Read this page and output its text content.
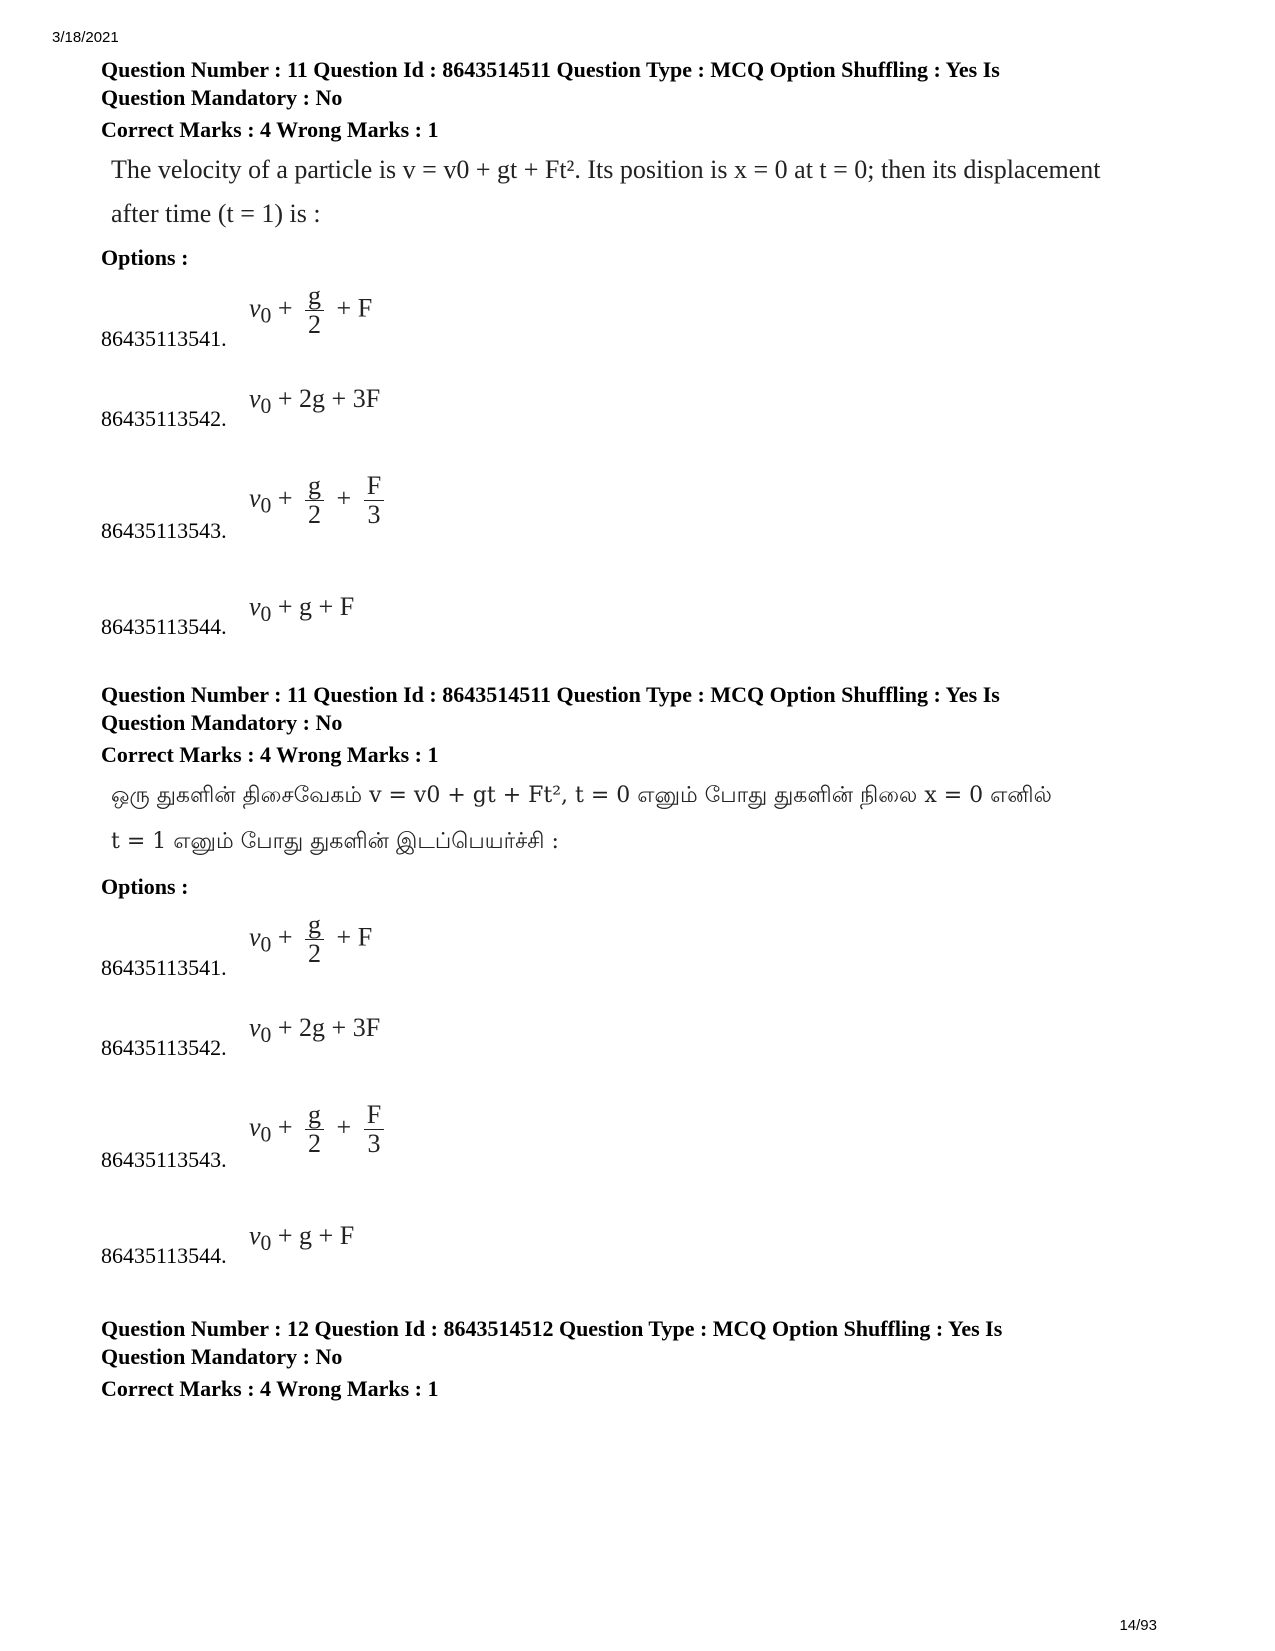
3/18/2021

Question Number : 11 Question Id : 8643514511 Question Type : MCQ Option Shuffling : Yes Is

Question Mandatory : No

Correct Marks : 4 Wrong Marks : 1
The velocity of a particle is v = v0 + gt + Ft². Its position is x = 0 at t = 0; then its displacement
after time (t = 1) is :
Options :
$v_0 + \frac{g}{2} + F$
86435113541.
$v_0 + 2g + 3F$
86435113542.
$v_0 + \frac{g}{2} + \frac{F}{3}$
86435113543.
$v_0 + g + F$
86435113544.

Question Number : 11 Question Id : 8643514511 Question Type : MCQ Option Shuffling : Yes Is

Question Mandatory : No

Correct Marks : 4 Wrong Marks : 1
ஒரு துகளின் திசைவேகம் v = v0 + gt + Ft², t = 0 எனும் போது துகளின் நிலை x = 0 எனில்
t = 1 எனும் போது துகளின் இடப்பெயர்ச்சி :
Options :
$v_0 + \frac{g}{2} + F$
86435113541.
$v_0 + 2g + 3F$
86435113542.
$v_0 + \frac{g}{2} + \frac{F}{3}$
86435113543.
$v_0 + g + F$
86435113544.

Question Number : 12 Question Id : 8643514512 Question Type : MCQ Option Shuffling : Yes Is

Question Mandatory : No

Correct Marks : 4 Wrong Marks : 1
14/93
